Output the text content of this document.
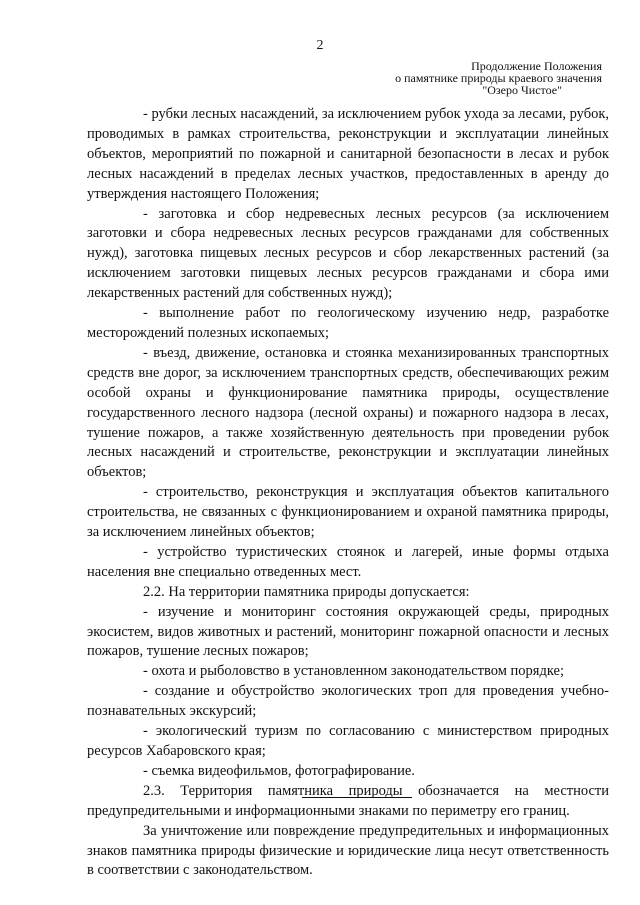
2
Продолжение Положения
о памятнике природы краевого значения
"Озеро Чистое"

- рубки лесных насаждений, за исключением рубок ухода за лесами, рубок, проводимых в рамках строительства, реконструкции и эксплуатации линейных объектов, мероприятий по пожарной и санитарной безопасности в лесах и рубок лесных насаждений в пределах лесных участков, предоставленных в аренду до утверждения настоящего Положения;

- заготовка и сбор недревесных лесных ресурсов (за исключением заготовки и сбора недревесных лесных ресурсов гражданами для собственных нужд), заготовка пищевых лесных ресурсов и сбор лекарственных растений (за исключением заготовки пищевых лесных ресурсов гражданами и сбора ими лекарственных растений для собственных нужд);

- выполнение работ по геологическому изучению недр, разработке месторождений полезных ископаемых;

- въезд, движение, остановка и стоянка механизированных транспортных средств вне дорог, за исключением транспортных средств, обеспечивающих режим особой охраны и функционирование памятника природы, осуществление государственного лесного надзора (лесной охраны) и пожарного надзора в лесах, тушение пожаров, а также хозяйственную деятельность при проведении рубок лесных насаждений и строительстве, реконструкции и эксплуатации линейных объектов;

- строительство, реконструкция и эксплуатация объектов капитального строительства, не связанных с функционированием и охраной памятника природы, за исключением линейных объектов;

- устройство туристических стоянок и лагерей, иные формы отдыха населения вне специально отведенных мест.

2.2. На территории памятника природы допускается:

- изучение и мониторинг состояния окружающей среды, природных экосистем, видов животных и растений, мониторинг пожарной опасности и лесных пожаров, тушение лесных пожаров;

- охота и рыболовство в установленном законодательством порядке;

- создание и обустройство экологических троп для проведения учебно-познавательных экскурсий;

- экологический туризм по согласованию с министерством природных ресурсов Хабаровского края;

- съемка видеофильмов, фотографирование.

2.3. Территория памятника природы обозначается на местности предупредительными и информационными знаками по периметру его границ.

За уничтожение или повреждение предупредительных и информационных знаков памятника природы физические и юридические лица несут ответственность в соответствии с законодательством.
